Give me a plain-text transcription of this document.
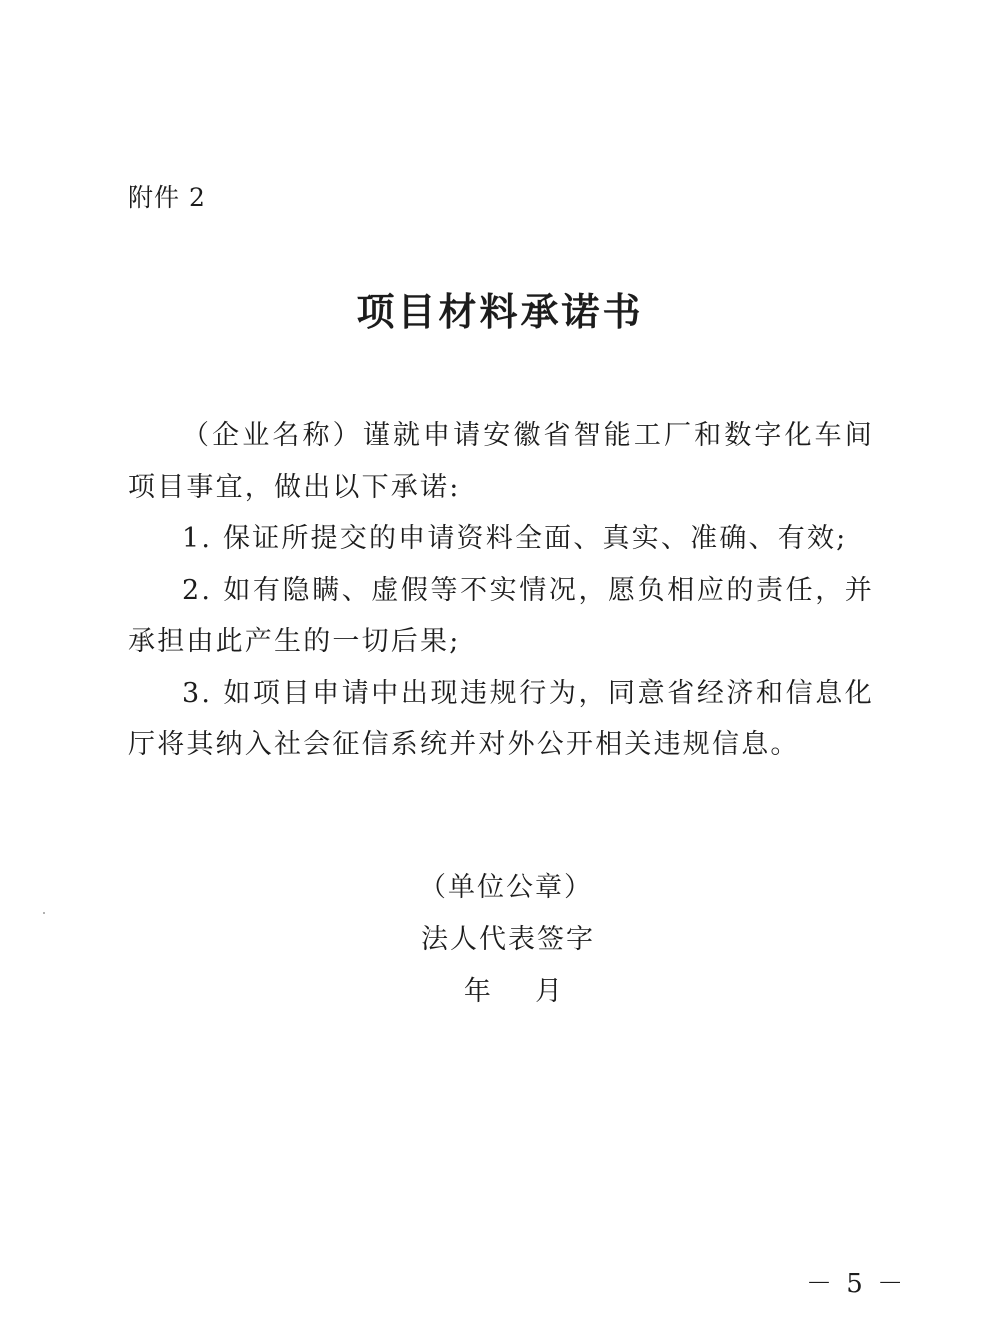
附件 2
项目材料承诺书

（企业名称）谨就申请安徽省智能工厂和数字化车间项目事宜，做出以下承诺:

1. 保证所提交的申请资料全面、真实、准确、有效;

2. 如有隐瞒、虚假等不实情况，愿负相应的责任，并承担由此产生的一切后果;

3. 如项目申请中出现违规行为，同意省经济和信息化厅将其纳入社会征信系统并对外公开相关违规信息。

（单位公章）
法人代表签字
年    月
－ 5 －
